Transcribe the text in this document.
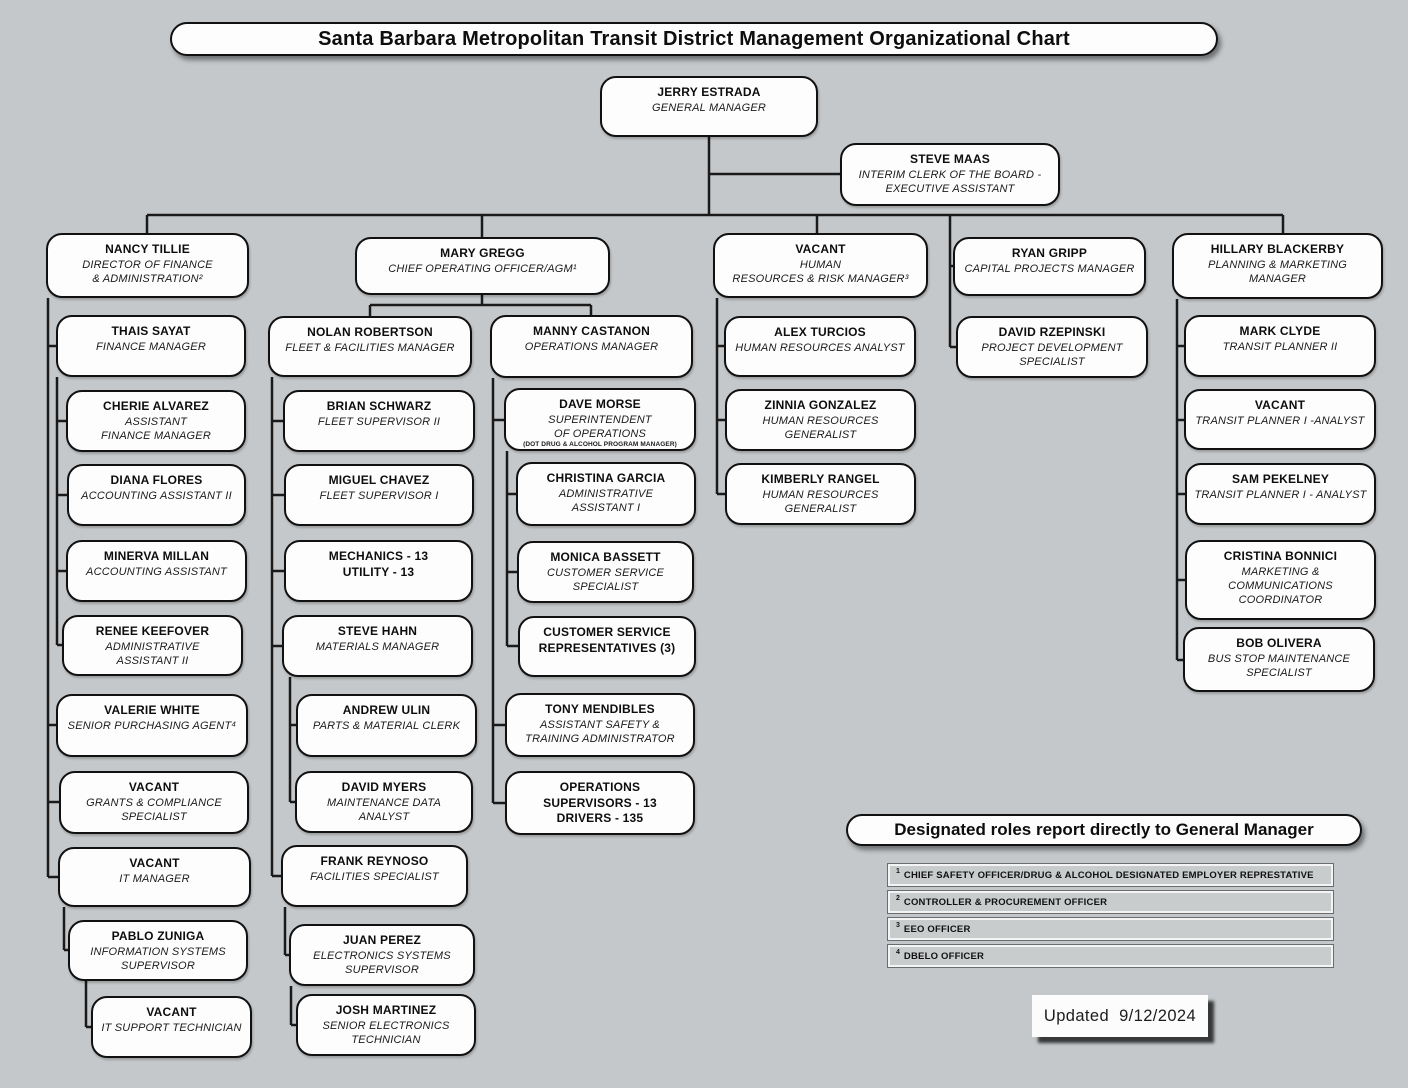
Santa Barbara Metropolitan Transit District Management Organizational Chart
Designated roles report directly to General Manager
1 CHIEF SAFETY OFFICER/DRUG & ALCOHOL DESIGNATED EMPLOYER REPRESTATIVE
2 CONTROLLER & PROCUREMENT OFFICER
3 EEO OFFICER
4 DBELO OFFICER
Updated 9/12/2024
JERRY ESTRADA
GENERAL MANAGER
STEVE MAAS
INTERIM CLERK OF THE BOARD -
EXECUTIVE ASSISTANT
NANCY TILLIE
DIRECTOR OF FINANCE
& ADMINISTRATION²
MARY GREGG
CHIEF OPERATING OFFICER/AGM¹
VACANT
HUMAN
RESOURCES & RISK MANAGER³
RYAN GRIPP
CAPITAL PROJECTS MANAGER
HILLARY BLACKERBY
PLANNING & MARKETING
MANAGER
THAIS SAYAT
FINANCE MANAGER
CHERIE ALVAREZ
ASSISTANT
FINANCE MANAGER
DIANA FLORES
ACCOUNTING ASSISTANT II
MINERVA MILLAN
ACCOUNTING ASSISTANT
RENEE KEEFOVER
ADMINISTRATIVE
ASSISTANT II
VALERIE WHITE
SENIOR PURCHASING AGENT⁴
VACANT
GRANTS & COMPLIANCE
SPECIALIST
VACANT
IT MANAGER
PABLO ZUNIGA
INFORMATION SYSTEMS
SUPERVISOR
VACANT
IT SUPPORT TECHNICIAN
NOLAN ROBERTSON
FLEET & FACILITIES MANAGER
BRIAN SCHWARZ
FLEET SUPERVISOR II
MIGUEL CHAVEZ
FLEET SUPERVISOR I
MECHANICS - 13
UTILITY - 13
STEVE HAHN
MATERIALS MANAGER
ANDREW ULIN
PARTS & MATERIAL CLERK
DAVID MYERS
MAINTENANCE DATA
ANALYST
FRANK REYNOSO
FACILITIES SPECIALIST
JUAN PEREZ
ELECTRONICS SYSTEMS
SUPERVISOR
JOSH MARTINEZ
SENIOR ELECTRONICS
TECHNICIAN
MANNY CASTANON
OPERATIONS MANAGER
DAVE MORSE
SUPERINTENDENT
OF OPERATIONS
(DOT DRUG & ALCOHOL PROGRAM MANAGER)
CHRISTINA GARCIA
ADMINISTRATIVE
ASSISTANT I
MONICA BASSETT
CUSTOMER SERVICE
SPECIALIST
CUSTOMER SERVICE
REPRESENTATIVES (3)
TONY MENDIBLES
ASSISTANT SAFETY &
TRAINING ADMINISTRATOR
OPERATIONS
SUPERVISORS - 13
DRIVERS - 135
ALEX TURCIOS
HUMAN RESOURCES ANALYST
ZINNIA GONZALEZ
HUMAN RESOURCES
GENERALIST
KIMBERLY RANGEL
HUMAN RESOURCES
GENERALIST
DAVID RZEPINSKI
PROJECT DEVELOPMENT
SPECIALIST
MARK CLYDE
TRANSIT PLANNER II
VACANT
TRANSIT PLANNER I -ANALYST
SAM PEKELNEY
TRANSIT PLANNER I - ANALYST
CRISTINA BONNICI
MARKETING &
COMMUNICATIONS
COORDINATOR
BOB OLIVERA
BUS STOP MAINTENANCE
SPECIALIST
